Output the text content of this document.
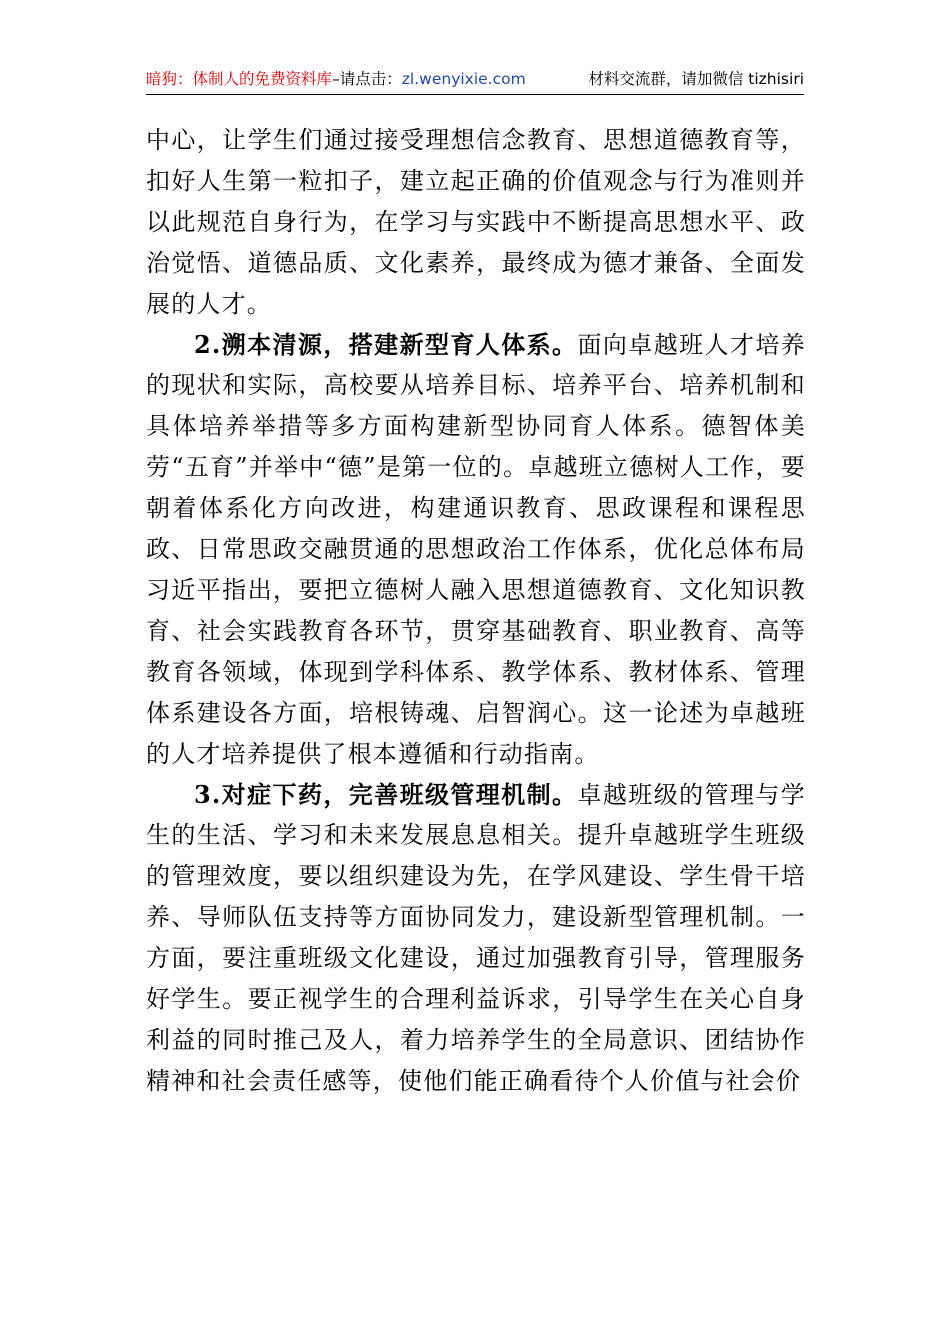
暗狗：体制人的免费资料库–请点击：zl.wenyixie.com	材料交流群，请加微信 tizhisiri

中心，让学生们通过接受理想信念教育、思想道德教育等，扣好人生第一粒扣子，建立起正确的价值观念与行为准则并以此规范自身行为，在学习与实践中不断提高思想水平、政治觉悟、道德品质、文化素养，最终成为德才兼备、全面发展的人才。

2.溯本清源，搭建新型育人体系。面向卓越班人才培养的现状和实际，高校要从培养目标、培养平台、培养机制和具体培养举措等多方面构建新型协同育人体系。德智体美劳“五育”并举中“德”是第一位的。卓越班立德树人工作，要朝着体系化方向改进，构建通识教育、思政课程和课程思政、日常思政交融贯通的思想政治工作体系，优化总体布局习近平指出，要把立德树人融入思想道德教育、文化知识教育、社会实践教育各环节，贯穿基础教育、职业教育、高等教育各领域，体现到学科体系、教学体系、教材体系、管理体系建设各方面，培根铸魂、启智润心。这一论述为卓越班的人才培养提供了根本遵循和行动指南。

3.对症下药，完善班级管理机制。卓越班级的管理与学生的生活、学习和未来发展息息相关。提升卓越班学生班级的管理效度，要以组织建设为先，在学风建设、学生骨干培养、导师队伍支持等方面协同发力，建设新型管理机制。一方面，要注重班级文化建设，通过加强教育引导，管理服务好学生。要正视学生的合理利益诉求，引导学生在关心自身利益的同时推己及人，着力培养学生的全局意识、团结协作精神和社会责任感等，使他们能正确看待个人价值与社会价
